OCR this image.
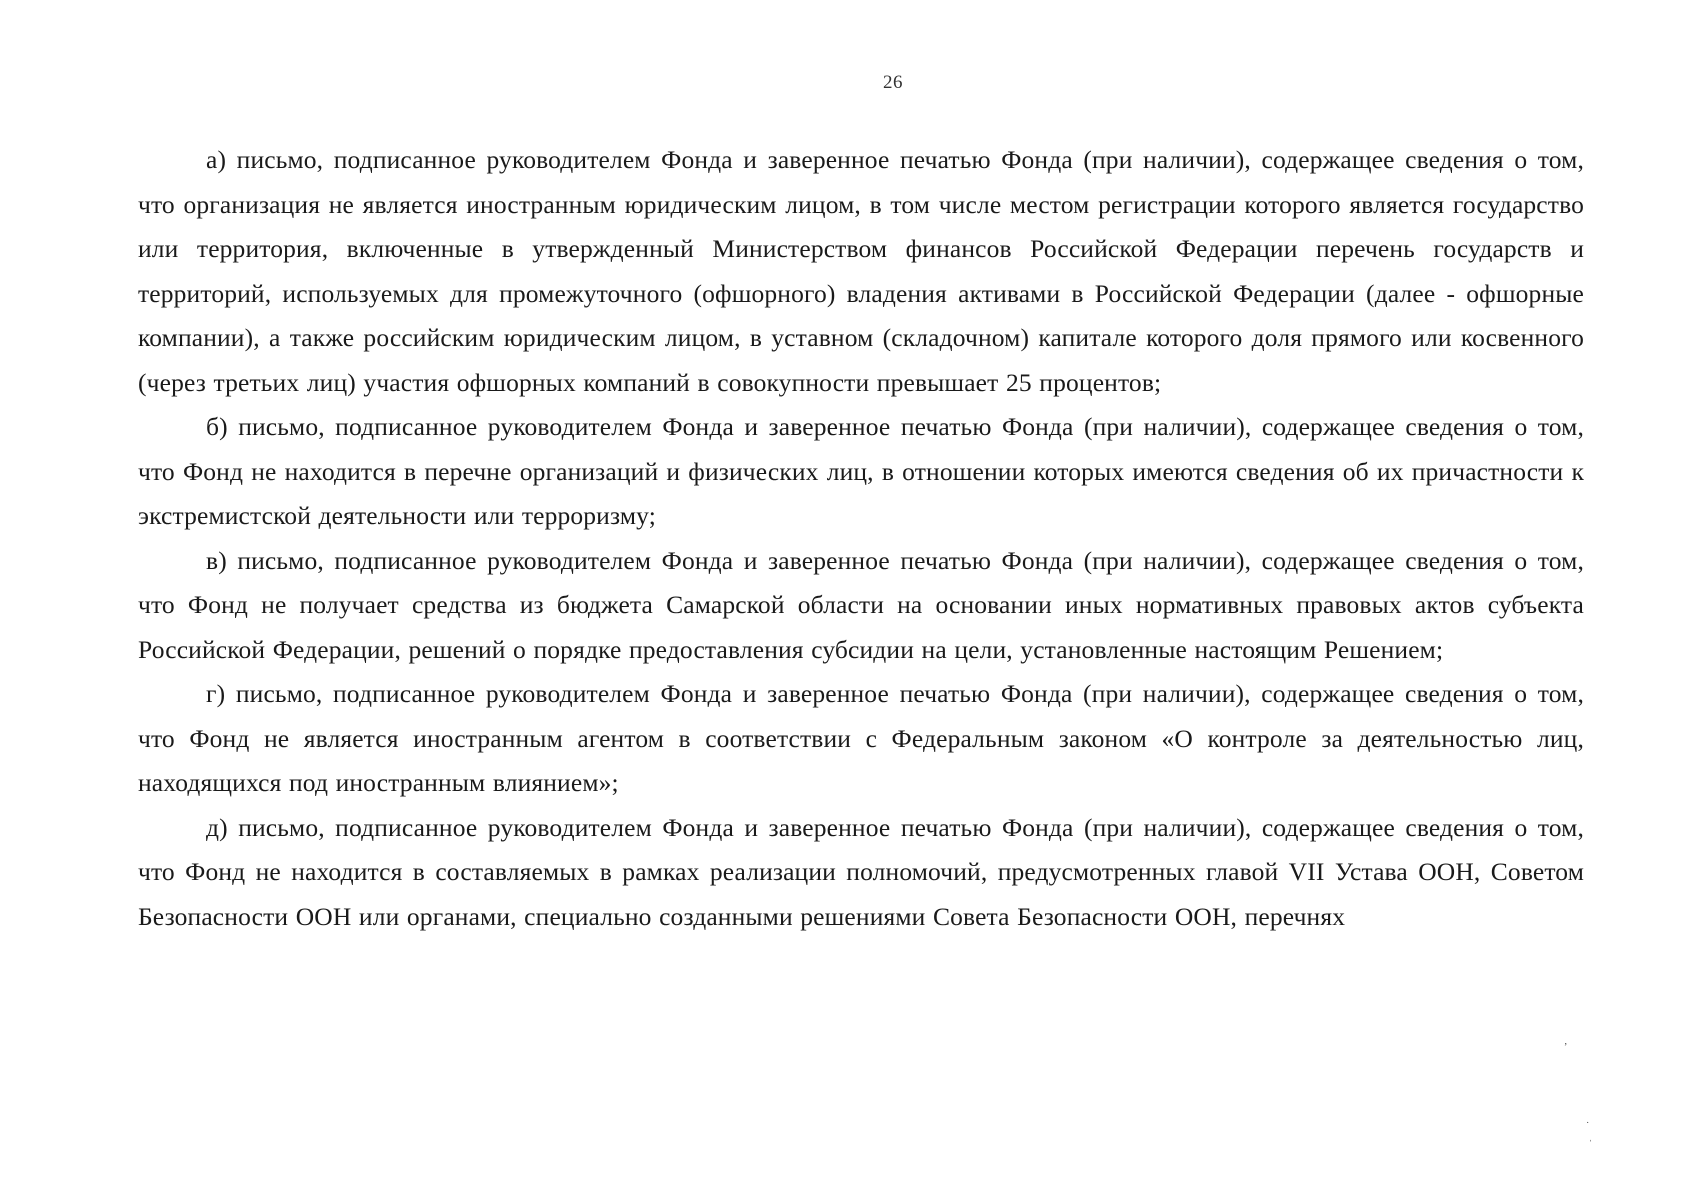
26

а) письмо, подписанное руководителем Фонда и заверенное печатью Фонда (при наличии), содержащее сведения о том, что организация не является иностранным юридическим лицом, в том числе местом регистрации которого является государство или территория, включенные в утвержденный Министерством финансов Российской Федерации перечень государств и территорий, используемых для промежуточного (офшорного) владения активами в Российской Федерации (далее - офшорные компании), а также российским юридическим лицом, в уставном (складочном) капитале которого доля прямого или косвенного (через третьих лиц) участия офшорных компаний в совокупности превышает 25 процентов;

б) письмо, подписанное руководителем Фонда и заверенное печатью Фонда (при наличии), содержащее сведения о том, что Фонд не находится в перечне организаций и физических лиц, в отношении которых имеются сведения об их причастности к экстремистской деятельности или терроризму;

в) письмо, подписанное руководителем Фонда и заверенное печатью Фонда (при наличии), содержащее сведения о том, что Фонд не получает средства из бюджета Самарской области на основании иных нормативных правовых актов субъекта Российской Федерации, решений о порядке предоставления субсидии на цели, установленные настоящим Решением;

г) письмо, подписанное руководителем Фонда и заверенное печатью Фонда (при наличии), содержащее сведения о том, что Фонд не является иностранным агентом в соответствии с Федеральным законом «О контроле за деятельностью лиц, находящихся под иностранным влиянием»;

д) письмо, подписанное руководителем Фонда и заверенное печатью Фонда (при наличии), содержащее сведения о том, что Фонд не находится в составляемых в рамках реализации полномочий, предусмотренных главой VII Устава ООН, Советом Безопасности ООН или органами, специально созданными решениями Совета Безопасности ООН, перечнях

‚
˙
ˌ
